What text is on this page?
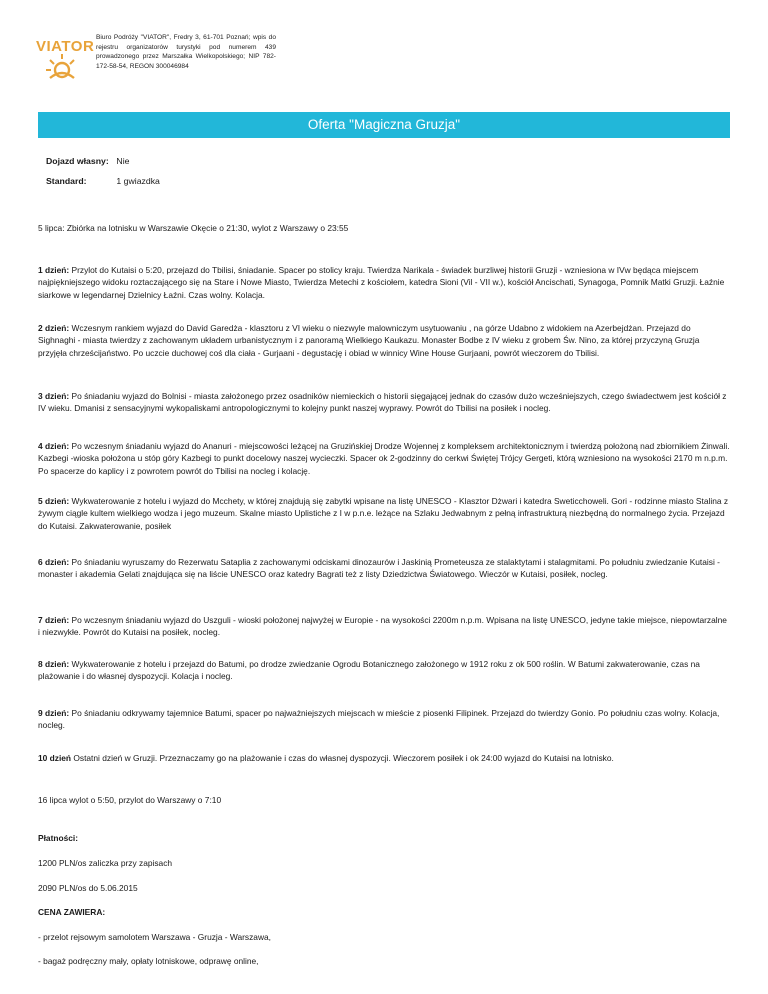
VIATOR
Biuro Podróży "VIATOR", Fredry 3, 61-701 Poznań; wpis do rejestru organizatorów turystyki pod numerem 439 prowadzonego przez Marszałka Wielkopolskiego; NIP 782-172-58-54, REGON 300046984
Oferta "Magiczna Gruzja"
Dojazd własny: Nie
Standard:	1 gwiazdka
5 lipca: Zbiórka na lotnisku w Warszawie Okęcie o 21:30, wylot z Warszawy o 23:55
1 dzień: Przylot do Kutaisi o 5:20, przejazd do Tbilisi, śniadanie. Spacer po stolicy kraju. Twierdza Narikala - świadek burzliwej historii Gruzji - wzniesiona w IVw będąca miejscem najpiękniejszego widoku roztaczającego się na Stare i Nowe Miasto, Twierdza Metechi z kościołem, katedra Sioni (Vil - VII w.), kościół Ancischati, Synagoga, Pomnik Matki Gruzji. Łaźnie siarkowe w legendarnej Dzielnicy Łaźni. Czas wolny. Kolacja.
2 dzień: Wczesnym rankiem wyjazd do David Garedża - klasztoru z VI wieku o niezwyle malowniczym usytuowaniu , na górze Udabno z widokiem na Azerbejdżan. Przejazd do Sighnaghi - miasta twierdzy z zachowanym układem urbanistycznym i z panoramą Wielkiego Kaukazu. Monaster Bodbe z IV wieku z grobem Św. Nino, za której przyczyną Gruzja przyjęła chrześcijaństwo. Po uczcie duchowej coś dla ciała - Gurjaani - degustację i obiad w winnicy Wine House Gurjaani, powrót wieczorem do Tbilisi.
3 dzień: Po śniadaniu wyjazd do Bolnisi - miasta założonego przez osadników niemieckich o historii sięgającej jednak do czasów dużo wcześniejszych, czego świadectwem jest kościół z IV wieku. Dmanisi z sensacyjnymi wykopaliskami antropologicznymi to kolejny punkt naszej wyprawy. Powrót do Tbilisi na posiłek i nocleg.
4 dzień: Po wczesnym śniadaniu wyjazd do Ananuri - miejscowości leżącej na Gruzińskiej Drodze Wojennej z kompleksem architektonicznym i twierdzą położoną nad zbiornikiem Żinwali. Kazbegi -wioska położona u stóp góry Kazbegi to punkt docelowy naszej wycieczki. Spacer ok 2-godzinny do cerkwi Świętej Trójcy Gergeti, którą wzniesiono na wysokości 2170 m n.p.m. Po spacerze do kaplicy i z powrotem powrót do Tbilisi na nocleg i kolację.
5 dzień: Wykwaterowanie z hotelu i wyjazd do Mcchety, w której znajdują się zabytki wpisane na listę UNESCO - Klasztor Dżwari i katedra Sweticchoweli. Gori - rodzinne miasto Stalina z żywym ciągle kultem wielkiego wodza i jego muzeum. Skalne miasto Uplistiche z I w p.n.e. leżące na Szlaku Jedwabnym z pełną infrastrukturą niezbędną do normalnego życia. Przejazd do Kutaisi. Zakwaterowanie, posiłek
6 dzień: Po śniadaniu wyruszamy do Rezerwatu Sataplia z zachowanymi odciskami dinozaurów i Jaskinią Prometeusza ze stalaktytami i stalagmitami. Po południu zwiedzanie Kutaisi - monaster i akademia Gelati znajdująca się na liście UNESCO oraz katedry Bagrati też z listy Dziedzictwa Światowego. Wieczór w Kutaisi, posiłek, nocleg.
7 dzień: Po wczesnym śniadaniu wyjazd do Uszguli - wioski położonej najwyżej w Europie - na wysokości 2200m n.p.m. Wpisana na listę UNESCO, jedyne takie miejsce, niepowtarzalne i niezwykłe. Powrót do Kutaisi na posiłek, nocleg.
8 dzień: Wykwaterowanie z hotelu i przejazd do Batumi, po drodze zwiedzanie Ogrodu Botanicznego założonego w 1912 roku z ok 500 roślin. W Batumi zakwaterowanie, czas na plażowanie i do własnej dyspozycji. Kolacja i nocleg.
9 dzień: Po śniadaniu odkrywamy tajemnice Batumi, spacer po najważniejszych miejscach w mieście z piosenki Filipinek. Przejazd do twierdzy Gonio. Po południu czas wolny. Kolacja, nocleg.
10 dzień Ostatni dzień w Gruzji. Przeznaczamy go na plażowanie i czas do własnej dyspozycji. Wieczorem posiłek i ok 24:00 wyjazd do Kutaisi na lotnisko.
16 lipca wylot o 5:50, przylot do Warszawy o 7:10
Płatności:
1200 PLN/os zaliczka przy zapisach
2090 PLN/os do 5.06.2015
CENA ZAWIERA:
- przelot rejsowym samolotem Warszawa - Gruzja - Warszawa,
- bagaż podręczny mały, opłaty lotniskowe, odprawę online,
